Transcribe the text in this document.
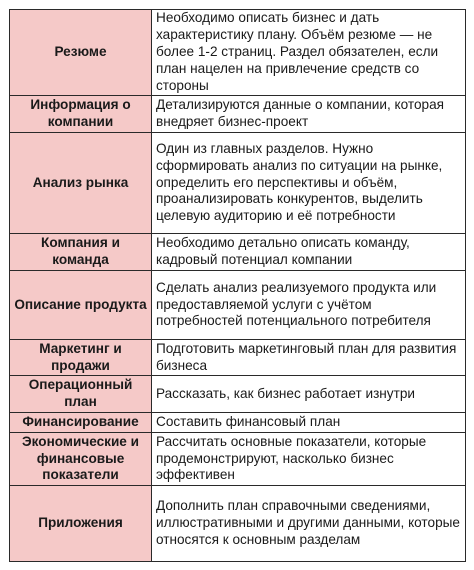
Резюме	Необходимо описать бизнес и дать характеристику плану. Объём резюме — не более 1-2 страниц. Раздел обязателен, если план нацелен на привлечение средств со стороны
Информация о компании	Детализируются данные о компании, которая внедряет бизнес-проект
Анализ рынка	Один из главных разделов. Нужно сформировать анализ по ситуации на рынке, определить его перспективы и объём, проанализировать конкурентов, выделить целевую аудиторию и её потребности
Компания и команда	Необходимо детально описать команду, кадровый потенциал компании
Описание продукта	Сделать анализ реализуемого продукта или предоставляемой услуги с учётом потребностей потенциального потребителя
Маркетинг и продажи	Подготовить маркетинговый план для развития бизнеса
Операционный план	Рассказать, как бизнес работает изнутри
Финансирование	Составить финансовый план
Экономические и финансовые показатели	Рассчитать основные показатели, которые продемонстрируют, насколько бизнес эффективен
Приложения	Дополнить план справочными сведениями, иллюстративными и другими данными, которые относятся к основным разделам
